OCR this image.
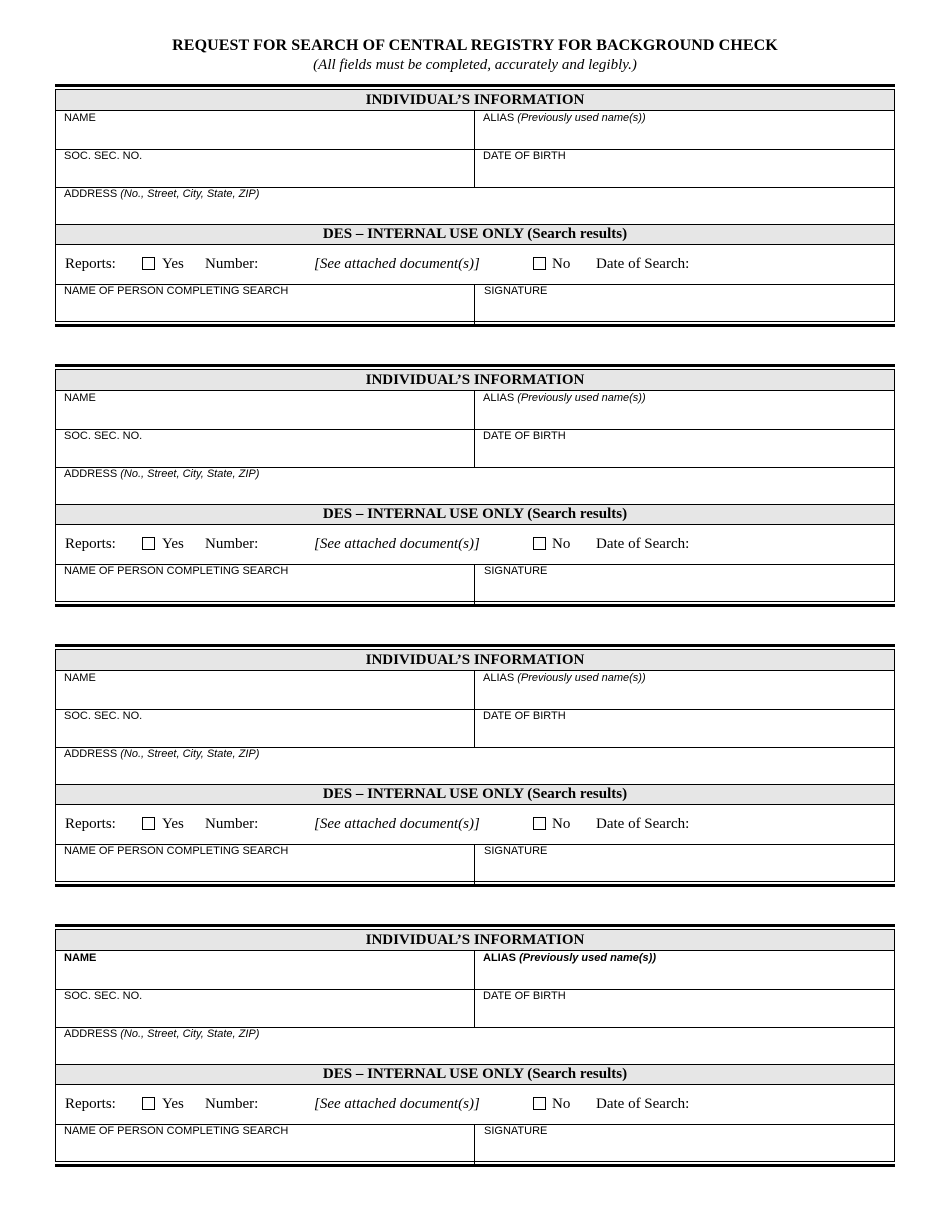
REQUEST FOR SEARCH OF CENTRAL REGISTRY FOR BACKGROUND CHECK
(All fields must be completed, accurately and legibly.)
INDIVIDUAL’S INFORMATION
NAME	ALIAS (Previously used name(s))
SOC. SEC. NO.	DATE OF BIRTH
ADDRESS (No., Street, City, State, ZIP)
DES – INTERNAL USE ONLY (Search results)
Reports:	Yes Number:	[See attached document(s)]	No Date of Search:
NAME OF PERSON COMPLETING SEARCH	SIGNATURE
INDIVIDUAL’S INFORMATION
NAME	ALIAS (Previously used name(s))
SOC. SEC. NO.	DATE OF BIRTH
ADDRESS (No., Street, City, State, ZIP)
DES – INTERNAL USE ONLY (Search results)
Reports:	Yes Number:	[See attached document(s)]	No Date of Search:
NAME OF PERSON COMPLETING SEARCH	SIGNATURE
INDIVIDUAL’S INFORMATION
NAME	ALIAS (Previously used name(s))
SOC. SEC. NO.	DATE OF BIRTH
ADDRESS (No., Street, City, State, ZIP)
DES – INTERNAL USE ONLY (Search results)
Reports:	Yes Number:	[See attached document(s)]	No Date of Search:
NAME OF PERSON COMPLETING SEARCH	SIGNATURE
INDIVIDUAL’S INFORMATION
NAME	ALIAS (Previously used name(s))
SOC. SEC. NO.	DATE OF BIRTH
ADDRESS (No., Street, City, State, ZIP)
DES – INTERNAL USE ONLY (Search results)
Reports:	Yes Number:	[See attached document(s)]	No Date of Search:
NAME OF PERSON COMPLETING SEARCH	SIGNATURE
